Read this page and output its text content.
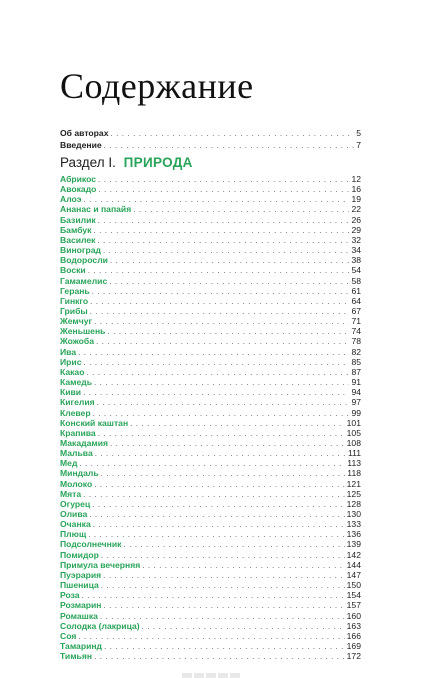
Содержание
Об авторах . . .	5
Введение . . .	7
Раздел I. ПРИРОДА
Абрикос . . .	12
Авокадо . . .	16
Алоэ . . .	19
Ананас и папайя . . .	22
Базилик . . .	26
Бамбук . . .	29
Василек . . .	32
Виноград . . .	34
Водоросли . . .	38
Воски . . .	54
Гамамелис . . .	58
Герань . . .	61
Гинкго . . .	64
Грибы . . .	67
Жемчуг . . .	71
Женьшень . . .	74
Жожоба . . .	78
Ива . . .	82
Ирис . . .	85
Какао . . .	87
Камедь . . .	91
Киви . . .	94
Кигелия . . .	97
Клевер . . .	99
Конский каштан . . .	101
Крапива . . .	105
Макадамия . . .	108
Мальва . . .	111
Мед . . .	113
Миндаль . . .	118
Молоко . . .	121
Мята . . .	125
Огурец . . .	128
Олива . . .	130
Очанка . . .	133
Плющ . . .	136
Подсолнечник . . .	139
Помидор . . .	142
Примула вечерняя . . .	144
Пуэрария . . .	147
Пшеница . . .	150
Роза . . .	154
Розмарин . . .	157
Ромашка . . .	160
Солодка (лакрица) . . .	163
Соя . . .	166
Тамаринд . . .	169
Тимьян . . .	172
